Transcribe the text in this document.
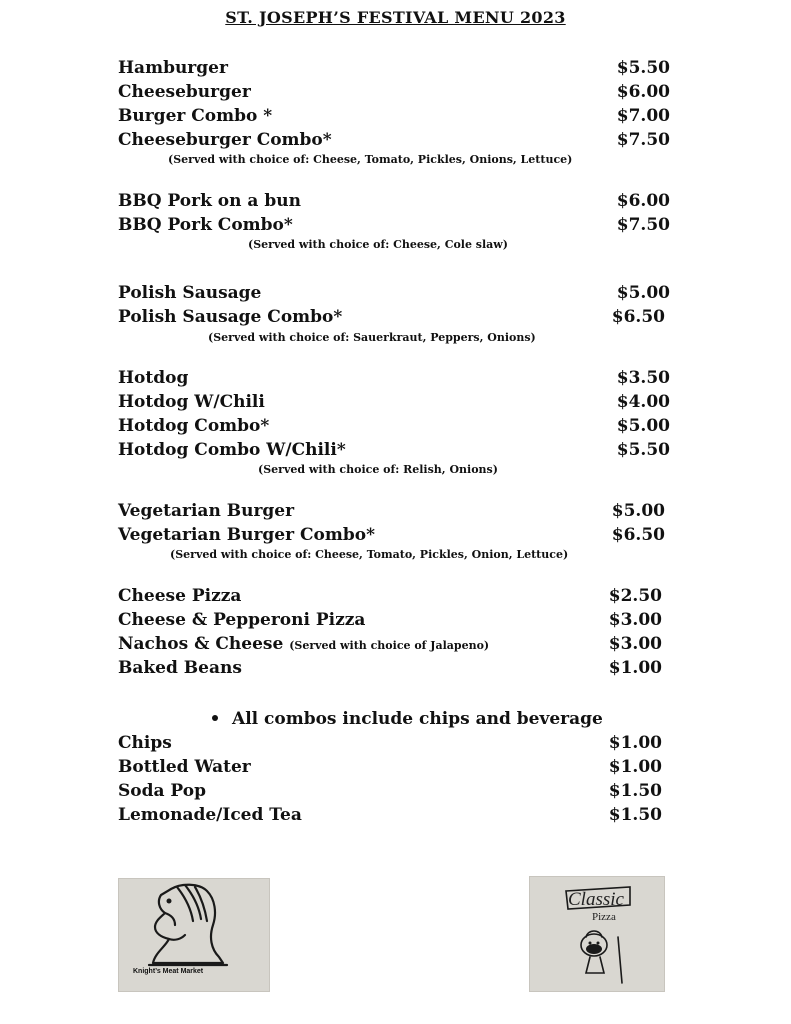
ST. JOSEPH’S FESTIVAL MENU 2023
Hamburger	$5.50
Cheeseburger	$6.00
Burger Combo *	$7.00
Cheeseburger Combo*	$7.50
(Served with choice of: Cheese, Tomato, Pickles, Onions, Lettuce)
BBQ Pork on a bun	$6.00
BBQ Pork Combo*	$7.50
(Served with choice of: Cheese, Cole slaw)
Polish Sausage	$5.00
Polish Sausage Combo*	$6.50
(Served with choice of: Sauerkraut, Peppers, Onions)
Hotdog	$3.50
Hotdog W/Chili	$4.00
Hotdog Combo*	$5.00
Hotdog Combo W/Chili*	$5.50
(Served with choice of: Relish, Onions)
Vegetarian Burger	$5.00
Vegetarian Burger Combo*	$6.50
(Served with choice of: Cheese, Tomato, Pickles, Onion, Lettuce)
Cheese Pizza	$2.50
Cheese & Pepperoni Pizza	$3.00
Nachos & Cheese (Served with choice of Jalapeno)	$3.00
Baked Beans	$1.00
All combos include chips and beverage
Chips	$1.00
Bottled Water	$1.00
Soda Pop	$1.50
Lemonade/Iced Tea	$1.50
Knight’s Meat Market
Classic
Pizza
